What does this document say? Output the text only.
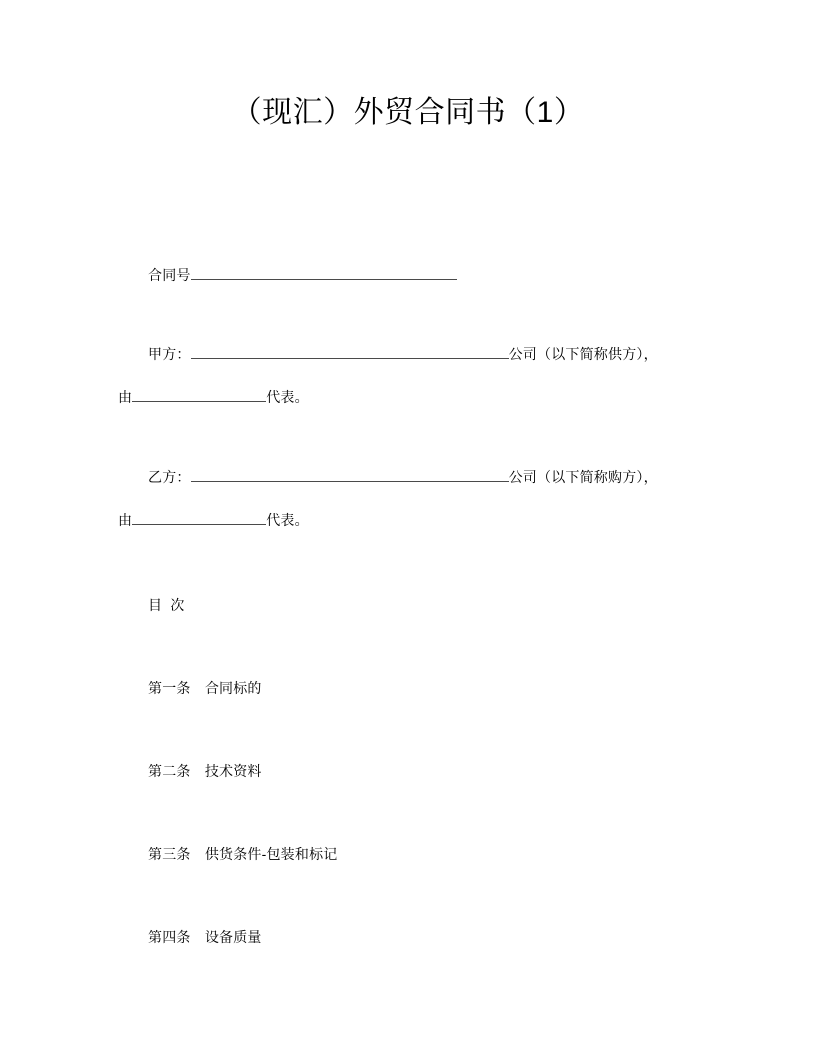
（现汇）外贸合同书（1）
合同号
甲方：	公司（以下简称供方），
由	代表。
乙方：	公司（以下简称购方），
由	代表。
目  次
第一条　 合同标的
第二条　 技术资料
第三条　 供货条件-包装和标记
第四条　 设备质量
